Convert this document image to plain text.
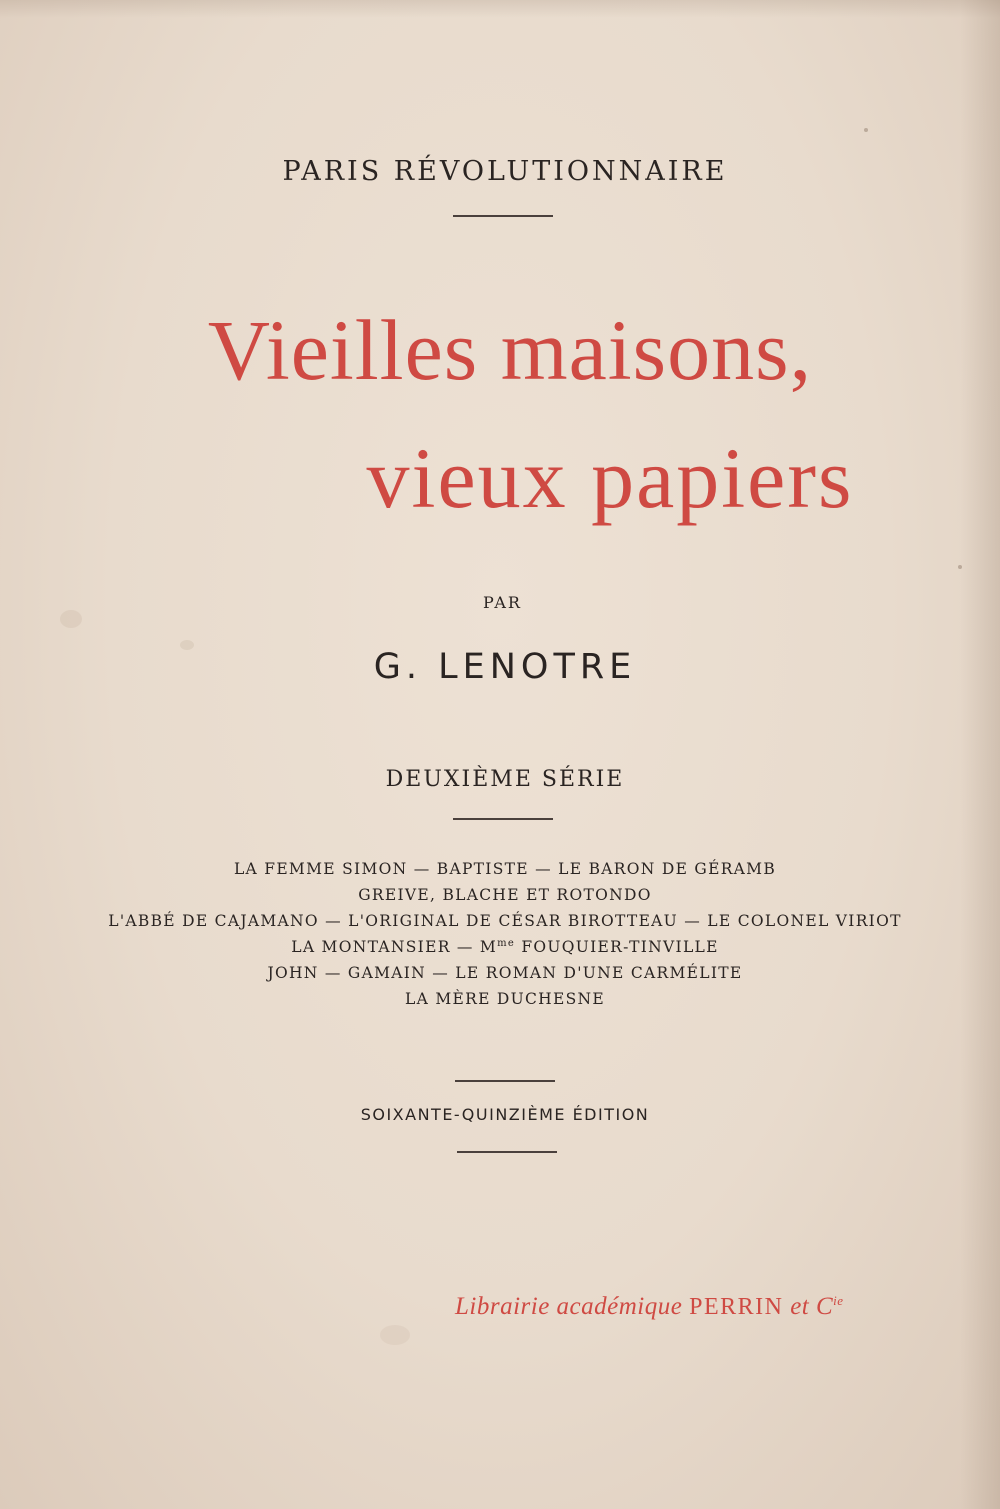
PARIS RÉVOLUTIONNAIRE
Vieilles maisons,
vieux papiers
PAR
G. LENOTRE
DEUXIÈME SÉRIE
LA FEMME SIMON — BAPTISTE — LE BARON DE GÉRAMB
GREIVE, BLACHE ET ROTONDO
L'ABBÉ DE CAJAMANO — L'ORIGINAL DE CÉSAR BIROTTEAU — LE COLONEL VIRIOT
LA MONTANSIER — $M^{me}$ FOUQUIER-TINVILLE
JOHN — GAMAIN — LE ROMAN D'UNE CARMÉLITE
LA MÈRE DUCHESNE
SOIXANTE-QUINZIÈME ÉDITION
Librairie académique PERRIN et $C^{ie}$
